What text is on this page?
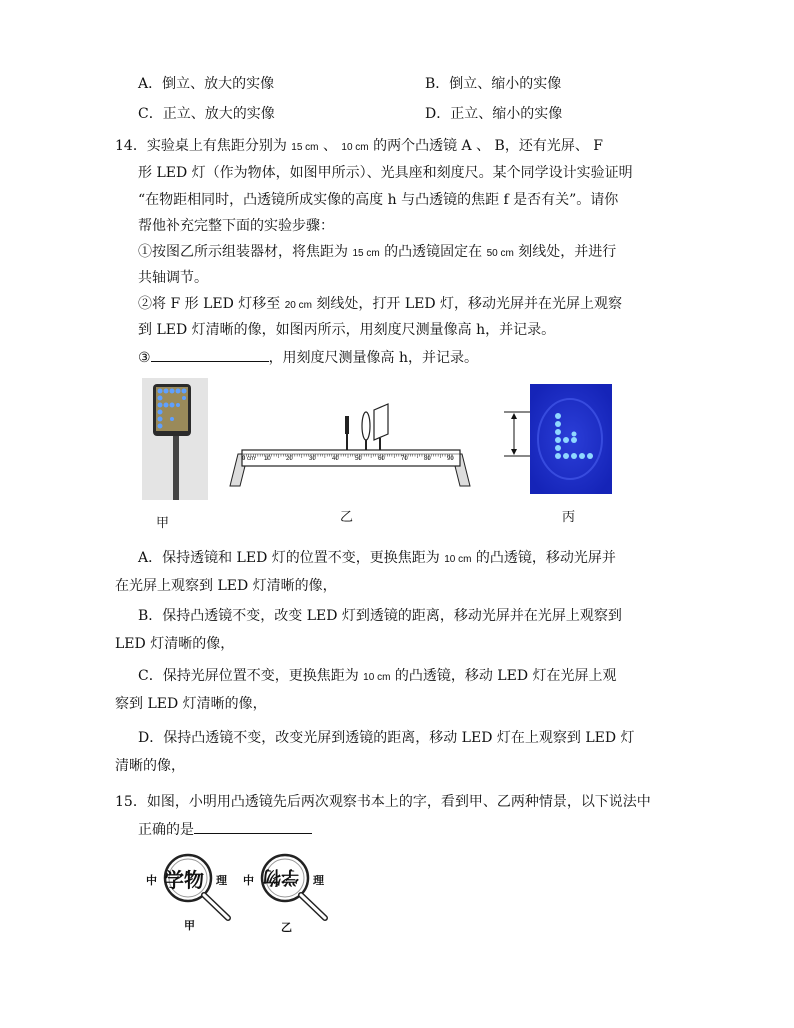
A．倒立、放大的实像	B．倒立、缩小的实像
C．正立、放大的实像	D．正立、缩小的实像
14．实验桌上有焦距分别为 15 cm 、 10 cm 的两个凸透镜 A 、 B，还有光屏、 F
形 LED 灯（作为物体，如图甲所示）、光具座和刻度尺。某个同学设计实验证明
“在物距相同时，凸透镜所成实像的高度 h 与凸透镜的焦距 f 是否有关”。请你
帮他补充完整下面的实验步骤：
①按图乙所示组装器材，将焦距为 15 cm 的凸透镜固定在 50 cm 刻线处，并进行
共轴调节。
②将 F 形 LED 灯移至 20 cm 刻线处，打开 LED 灯，移动光屏并在光屏上观察
到 LED 灯清晰的像，如图丙所示，用刻度尺测量像高 h，并记录。
③	，用刻度尺测量像高 h，并记录。
甲
0 cm 10	20	30	40	50	60	70	80	90
乙	丙
A．保持透镜和 LED 灯的位置不变，更换焦距为 10 cm 的凸透镜，移动光屏并
在光屏上观察到 LED 灯清晰的像，
B．保持凸透镜不变，改变 LED 灯到透镜的距离，移动光屏并在光屏上观察到
LED 灯清晰的像，
C．保持光屏位置不变，更换焦距为 10 cm 的凸透镜，移动 LED 灯在光屏上观
察到 LED 灯清晰的像，
D．保持凸透镜不变，改变光屏到透镜的距离，移动 LED 灯在上观察到 LED 灯
清晰的像，
15．如图，小明用凸透镜先后两次观察书本上的字，看到甲、乙两种情景，以下说法中
正确的是
中 学物 理
甲
中 学物 理
乙
